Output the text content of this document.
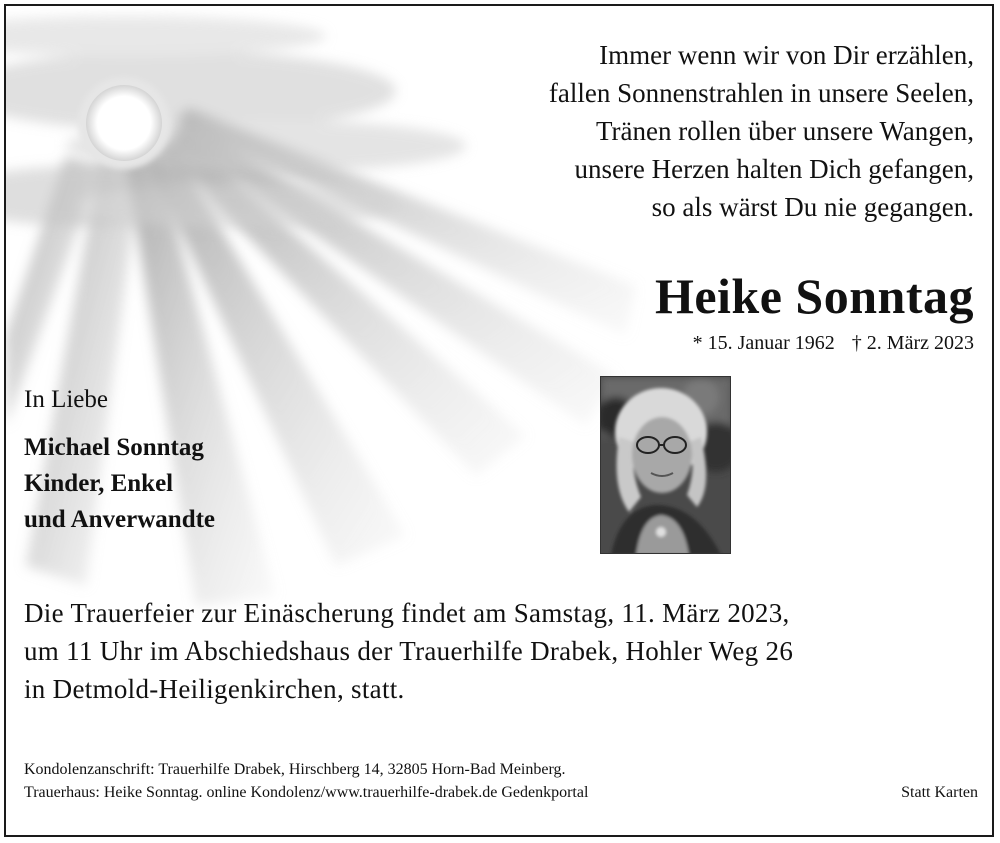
Immer wenn wir von Dir erzählen,
fallen Sonnenstrahlen in unsere Seelen,
Tränen rollen über unsere Wangen,
unsere Herzen halten Dich gefangen,
so als wärst Du nie gegangen.
Heike Sonntag
* 15. Januar 1962 † 2. März 2023
In Liebe
Michael Sonntag
Kinder, Enkel
und Anverwandte
Die Trauerfeier zur Einäscherung findet am Samstag, 11. März 2023,
um 11 Uhr im Abschiedshaus der Trauerhilfe Drabek, Hohler Weg 26
in Detmold-Heiligenkirchen, statt.
Kondolenzanschrift: Trauerhilfe Drabek, Hirschberg 14, 32805 Horn-Bad Meinberg.
Trauerhaus: Heike Sonntag. online Kondolenz/www.trauerhilfe-drabek.de Gedenkportal	Statt Karten
